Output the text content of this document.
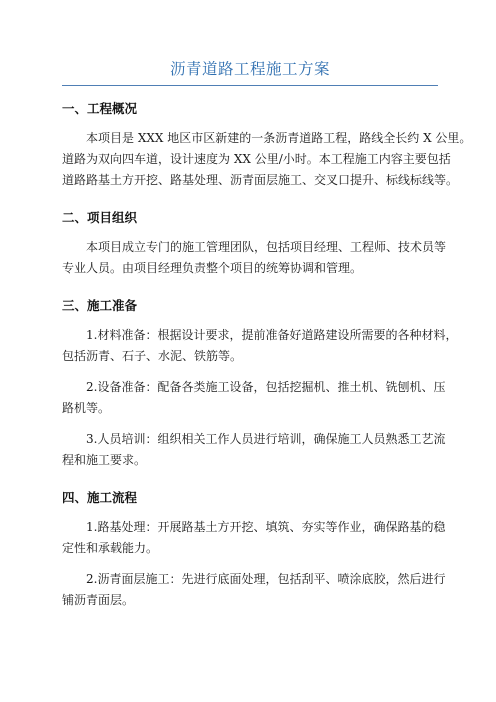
沥青道路工程施工方案
一、工程概况

本项目是 XXX 地区市区新建的一条沥青道路工程，路线全长约 X 公里。
道路为双向四车道，设计速度为 XX 公里/小时。本工程施工内容主要包括
道路路基土方开挖、路基处理、沥青面层施工、交叉口提升、标线标线等。

二、项目组织

本项目成立专门的施工管理团队，包括项目经理、工程师、技术员等
专业人员。由项目经理负责整个项目的统筹协调和管理。

三、施工准备

1.材料准备：根据设计要求，提前准备好道路建设所需要的各种材料，
包括沥青、石子、水泥、铁筋等。

2.设备准备：配备各类施工设备，包括挖掘机、推土机、铣刨机、压
路机等。

3.人员培训：组织相关工作人员进行培训，确保施工人员熟悉工艺流
程和施工要求。

四、施工流程

1.路基处理：开展路基土方开挖、填筑、夯实等作业，确保路基的稳
定性和承载能力。

2.沥青面层施工：先进行底面处理，包括刮平、喷涂底胶，然后进行
铺沥青面层。
